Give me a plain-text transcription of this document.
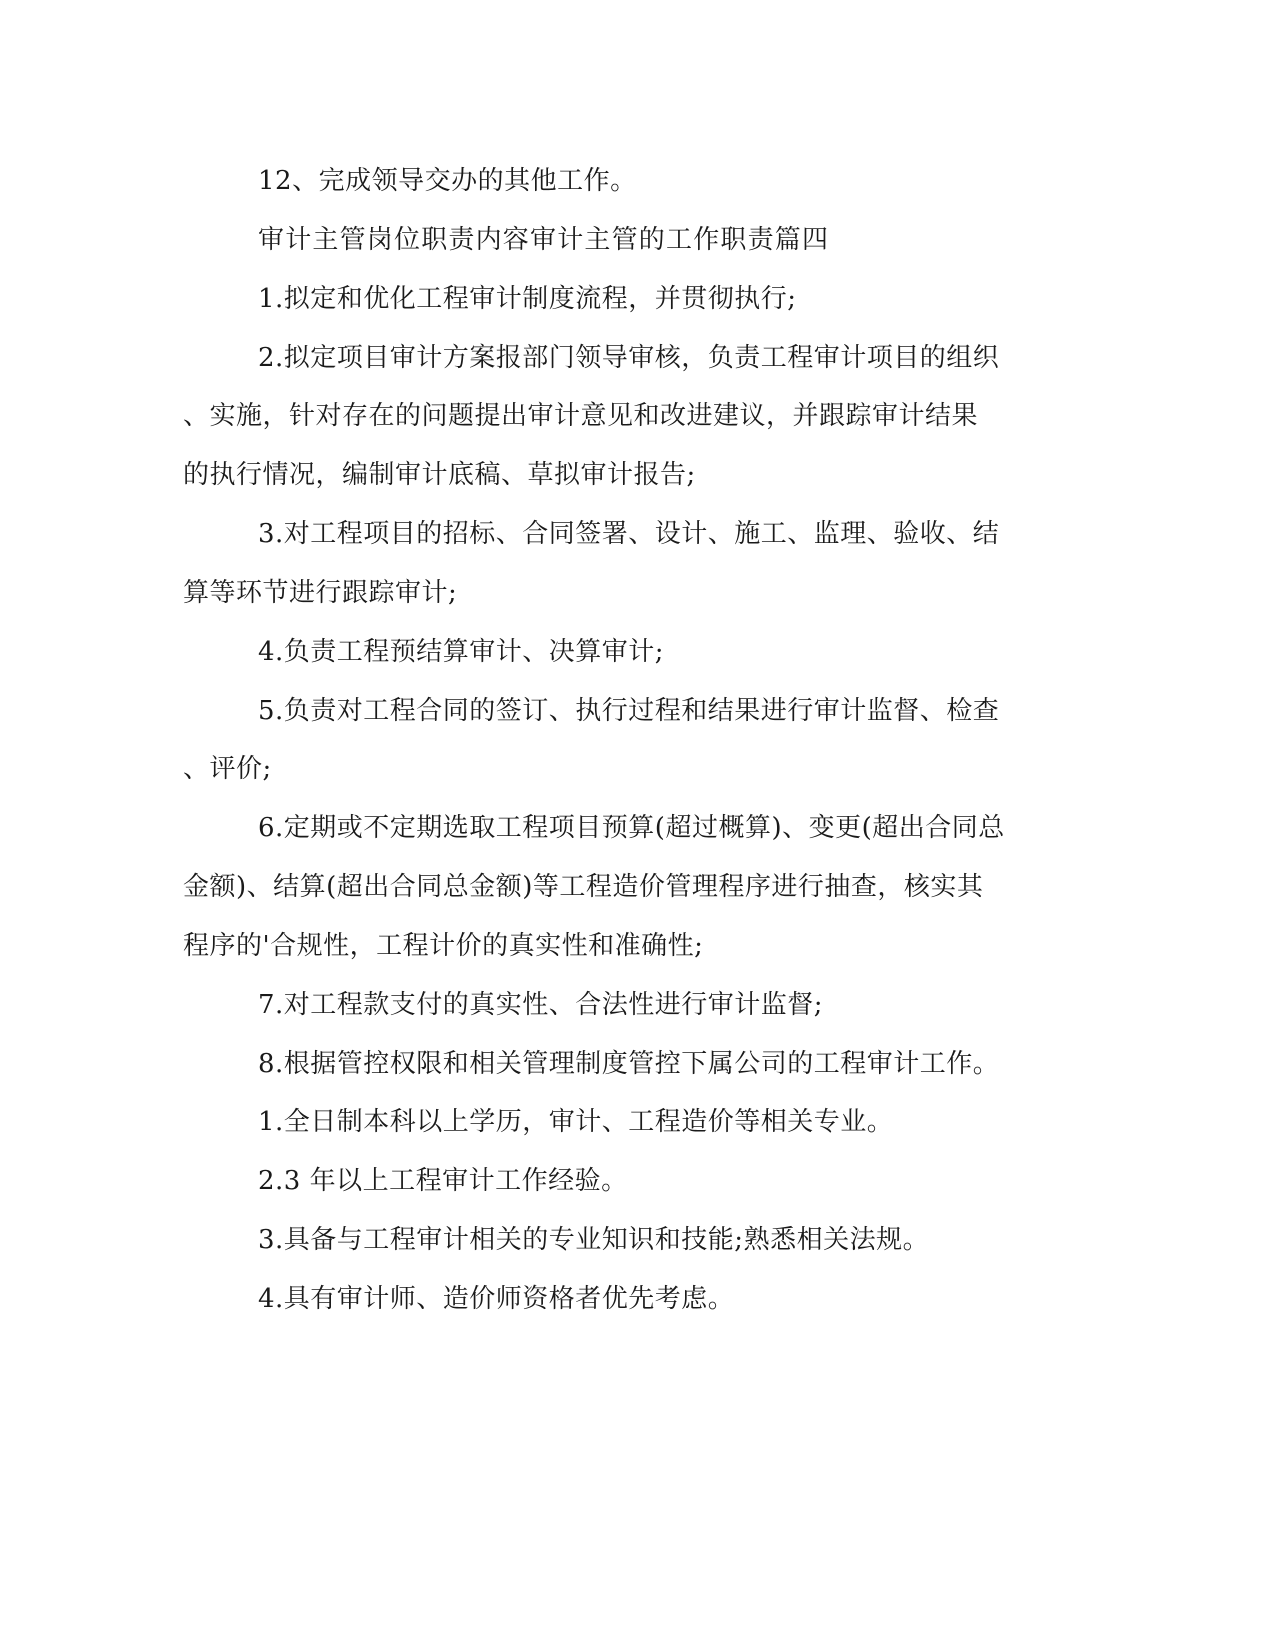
12、完成领导交办的其他工作。
审计主管岗位职责内容审计主管的工作职责篇四
1.拟定和优化工程审计制度流程，并贯彻执行;
2.拟定项目审计方案报部门领导审核，负责工程审计项目的组织
、实施，针对存在的问题提出审计意见和改进建议，并跟踪审计结果
的执行情况，编制审计底稿、草拟审计报告;
3.对工程项目的招标、合同签署、设计、施工、监理、验收、结
算等环节进行跟踪审计;
4.负责工程预结算审计、决算审计;
5.负责对工程合同的签订、执行过程和结果进行审计监督、检查
、评价;
6.定期或不定期选取工程项目预算(超过概算)、变更(超出合同总
金额)、结算(超出合同总金额)等工程造价管理程序进行抽查，核实其
程序的'合规性，工程计价的真实性和准确性;
7.对工程款支付的真实性、合法性进行审计监督;
8.根据管控权限和相关管理制度管控下属公司的工程审计工作。
1.全日制本科以上学历，审计、工程造价等相关专业。
2.3 年以上工程审计工作经验。
3.具备与工程审计相关的专业知识和技能;熟悉相关法规。
4.具有审计师、造价师资格者优先考虑。
